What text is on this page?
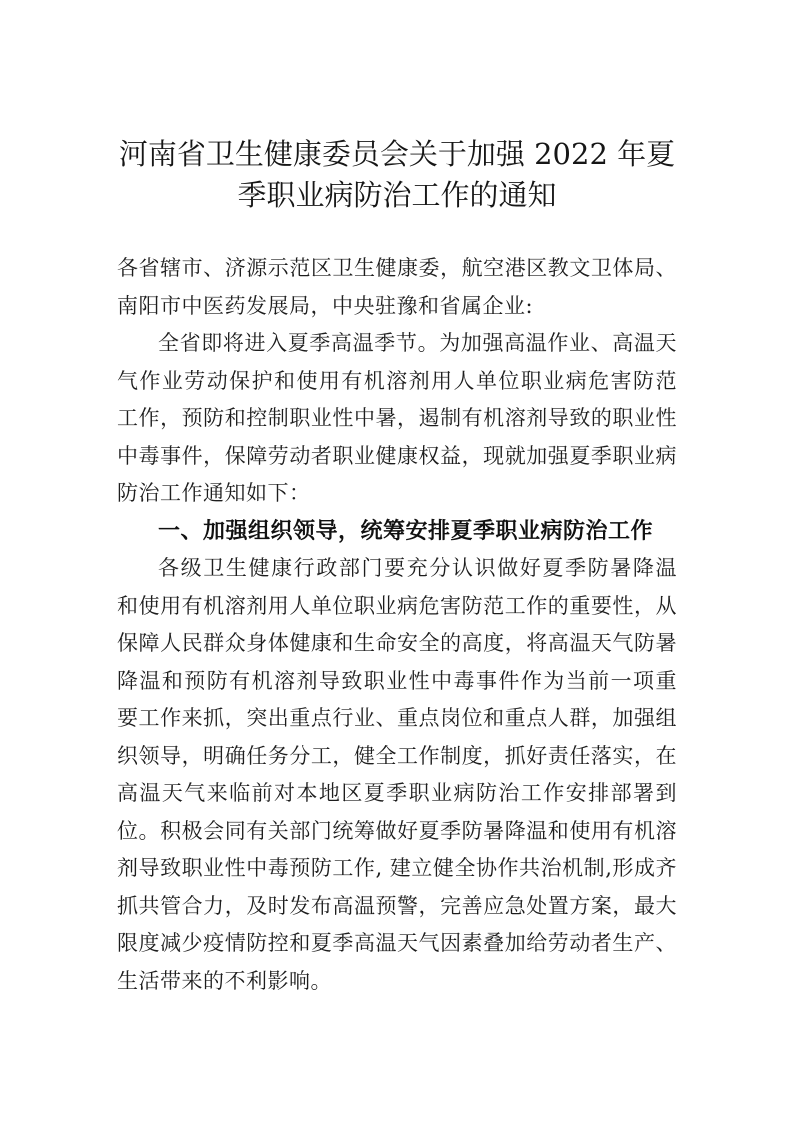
河南省卫生健康委员会关于加强 2022 年夏
季职业病防治工作的通知
各省辖市、济源示范区卫生健康委，航空港区教文卫体局、
南阳市中医药发展局，中央驻豫和省属企业:
全省即将进入夏季高温季节。为加强高温作业、高温天
气作业劳动保护和使用有机溶剂用人单位职业病危害防范
工作，预防和控制职业性中暑，遏制有机溶剂导致的职业性
中毒事件，保障劳动者职业健康权益，现就加强夏季职业病
防治工作通知如下：
一、加强组织领导，统筹安排夏季职业病防治工作
各级卫生健康行政部门要充分认识做好夏季防暑降温
和使用有机溶剂用人单位职业病危害防范工作的重要性，从
保障人民群众身体健康和生命安全的高度，将高温天气防暑
降温和预防有机溶剂导致职业性中毒事件作为当前一项重
要工作来抓，突出重点行业、重点岗位和重点人群，加强组
织领导，明确任务分工，健全工作制度，抓好责任落实，在
高温天气来临前对本地区夏季职业病防治工作安排部署到
位。积极会同有关部门统筹做好夏季防暑降温和使用有机溶
剂导致职业性中毒预防工作, 建立健全协作共治机制,形成齐
抓共管合力，及时发布高温预警，完善应急处置方案，最大
限度减少疫情防控和夏季高温天气因素叠加给劳动者生产、
生活带来的不利影响。
